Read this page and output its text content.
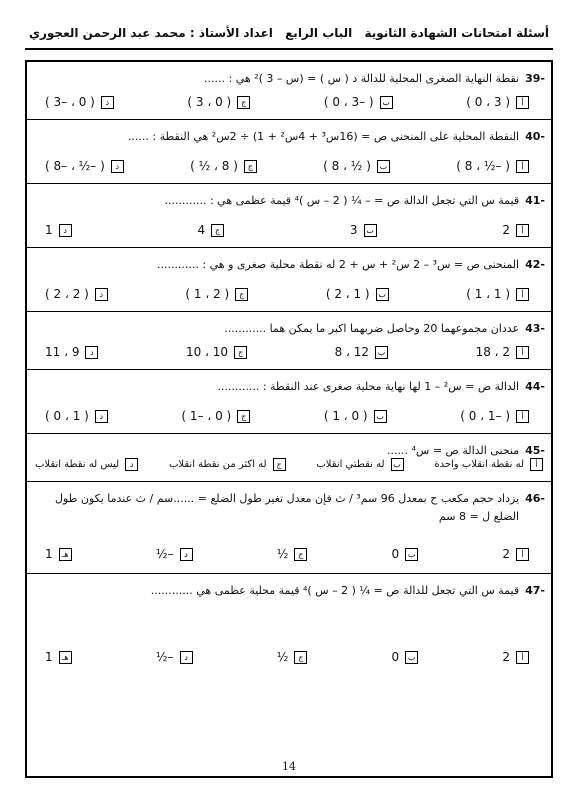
أسئلة امتحانات الشهادة الثانوية
الباب الرابع
اعداد الأستاذ : محمد عبد الرحمن العجوري
-39
نقطة النهاية الصغرى المحلية للدالة د ( س ) = (س – 3 )² هي : ......
أ
( 3 ، 0 )
ب
( –3 ، 0 )
ج
( 0 ، 3 )
د
( 0 ، –3 )
-40
النقطة المحلية على المنحنى ص = (16س³ + 4س² + 1) ÷ 2س² هي النقطة : ......
أ
( –½ ، 8 )
ب
( ½ ، 8 )
ج
( 8 ، ½ )
د
( –½ ، –8 )
-41
قيمة س التي تجعل الدالة ص = – ¼ ( 2 – س )⁴ قيمة عظمى هي : ............
أ
2
ب
3
ج
4
د
1
-42
المنحنى ص = س³ – 2 س² + س + 2 له نقطة محلية صغرى و هي : ............
أ
( 1 ، 1 )
ب
( 1 ، 2 )
ج
( 2 ، 1 )
د
( 2 ، 2 )
-43
عددان مجموعهما 20 وحاصل ضربهما اكبر ما يمكن هما ............
أ
2 ، 18
ب
12 ، 8
ج
10 ، 10
د
9 ، 11
-44
الدالة ص = س² – 1 لها نهاية محلية صغرى عند النقطة : ............
أ
( –1 ، 0 )
ب
( 0 ، 1 )
ج
( 0 ، –1 )
د
( 1 ، 0 )
-45
منحنى الدالة ص = س⁴ ......
أ
له نقطة انقلاب واحدة
ب
له نقطتي انقلاب
ج
له اكثر من نقطة انقلاب
د
ليس له نقطة انقلاب
-46
يزداد حجم مكعب ح بمعدل 96 سم³ / ث فإن معدل تغير طول الضلع = ......سم / ث عندما يكون طول الضلع ل = 8 سم
أ
2
ب
0
ج
½
د
–½
هـ
1
-47
قيمة س التي تجعل للدالة ص = ¼ ( 2 – س )⁴ قيمة محلية عظمى هي ............
أ
2
ب
0
ج
½
د
–½
هـ
1
14
